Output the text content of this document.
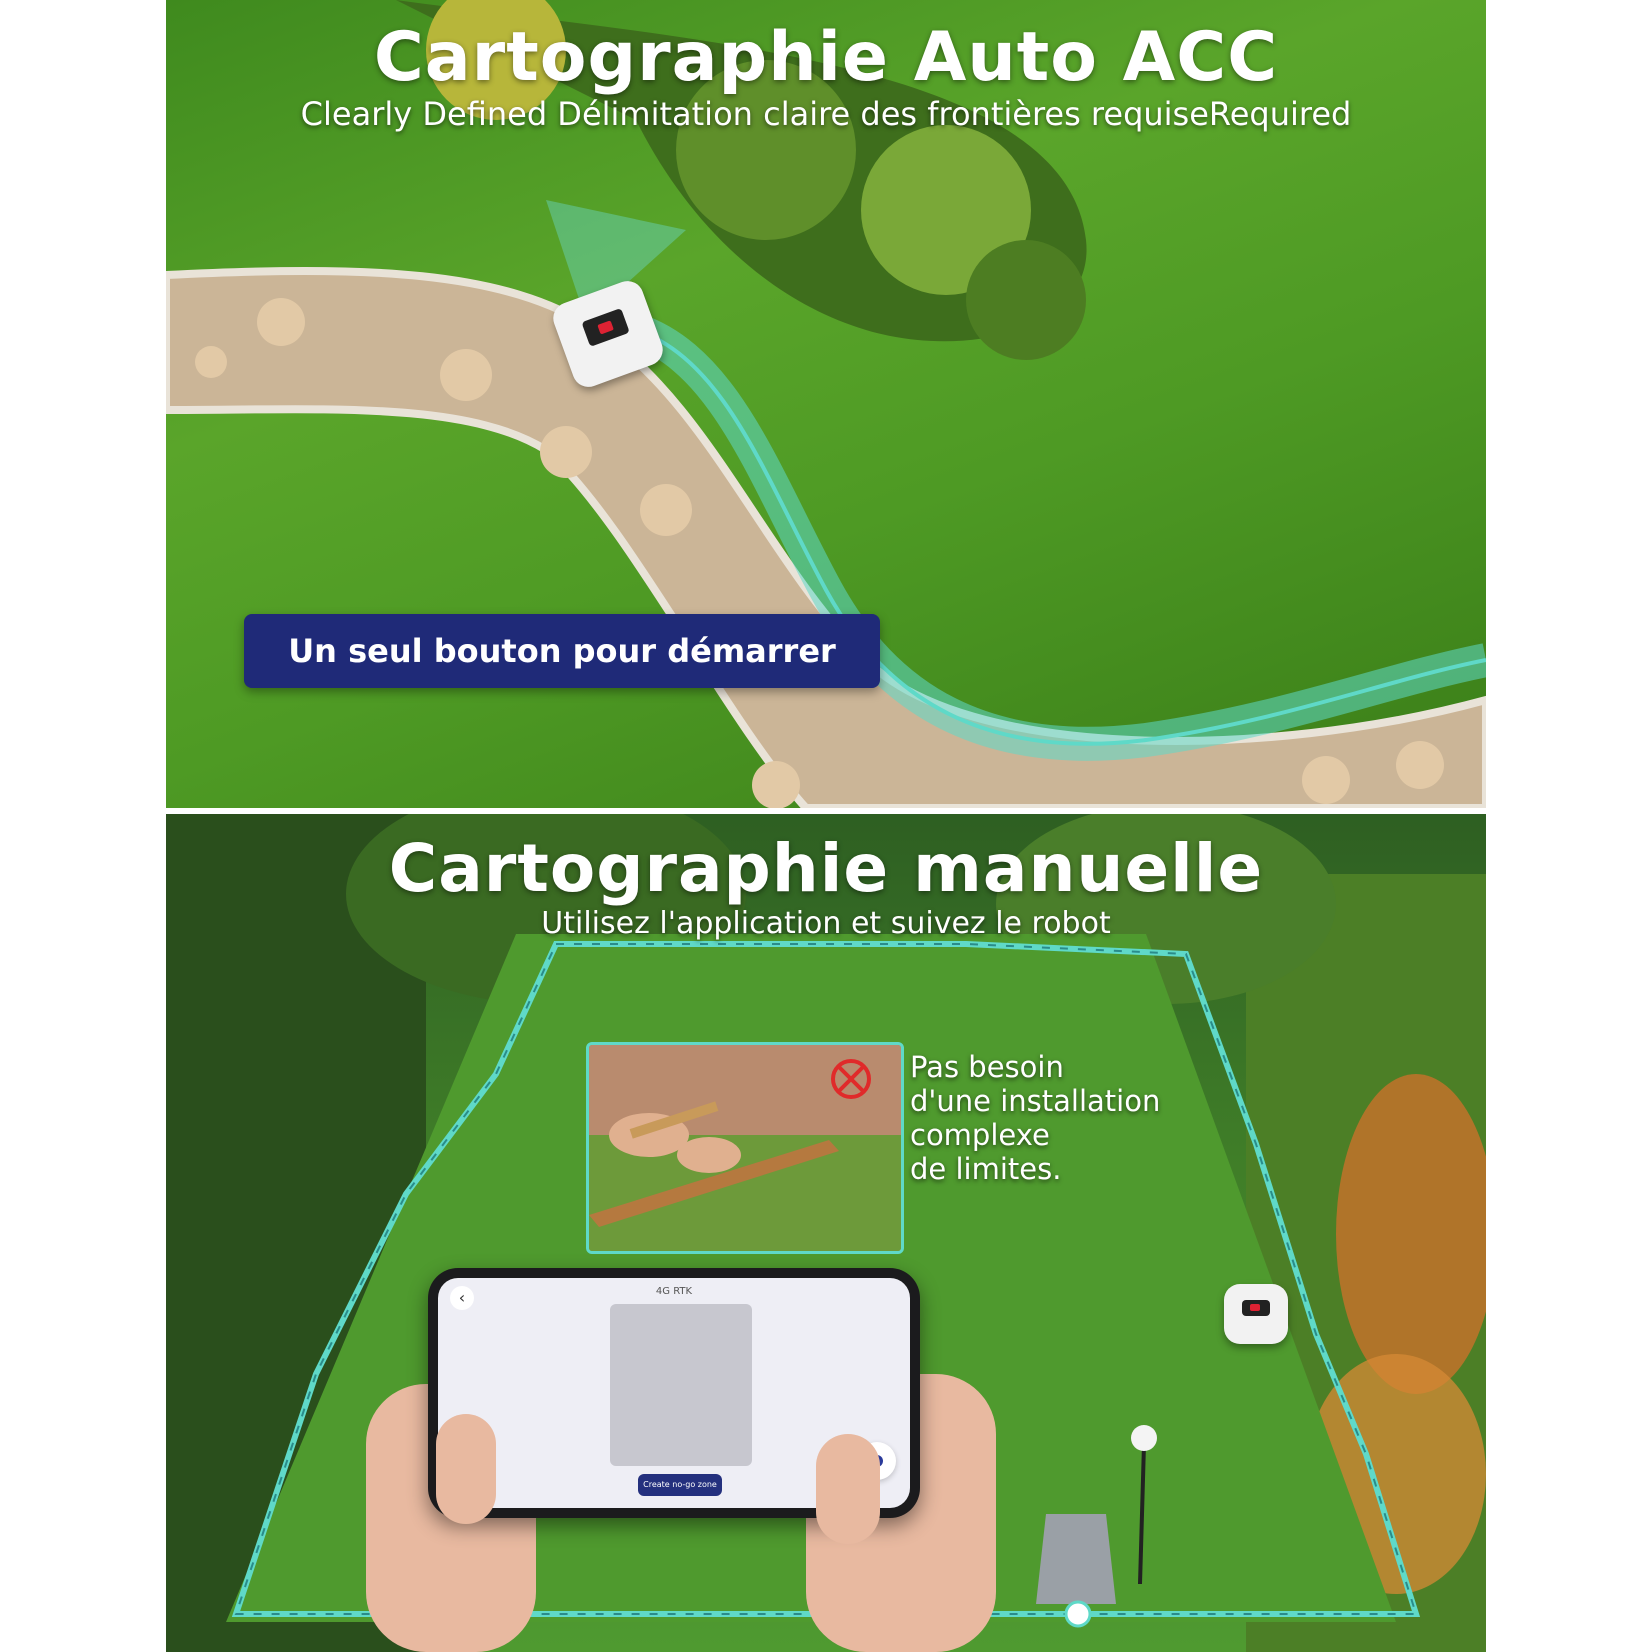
Cartographie Auto ACC
Clearly Defined Délimitation claire des frontières requiseRequired
Un seul bouton pour démarrer
Cartographie manuelle
Utilisez l'application et suivez le robot
Pas besoin
d'une installation
complexe
de limites.
‹	4G RTK
Create no-go zone
